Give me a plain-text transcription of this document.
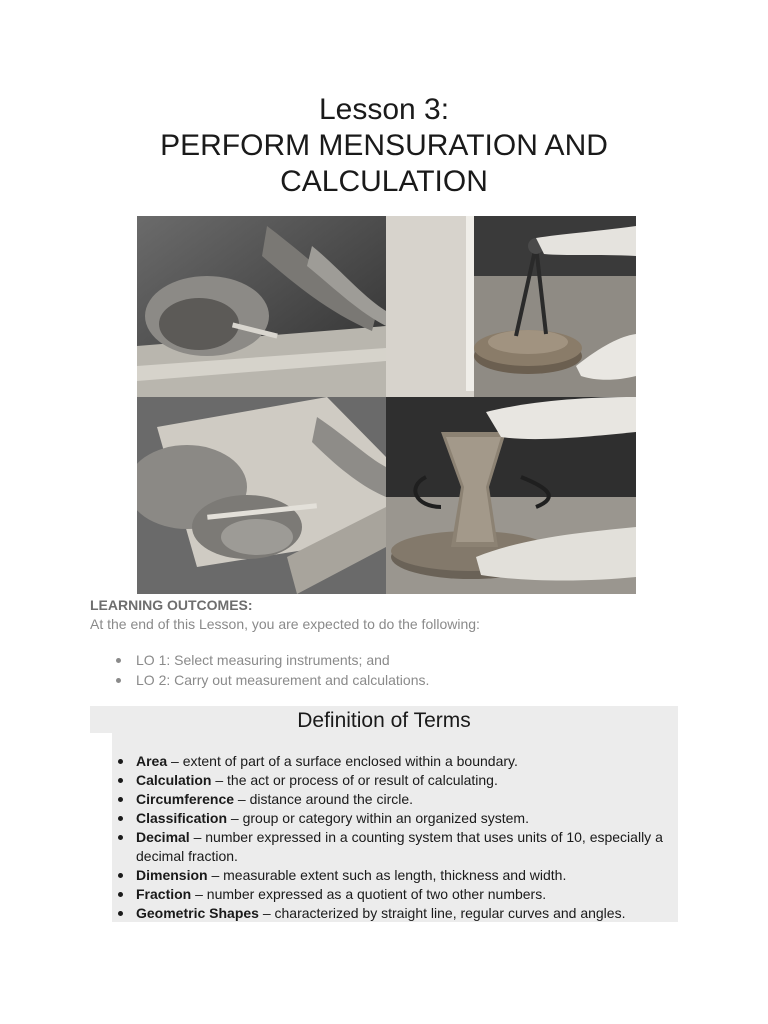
Lesson 3:
PERFORM MENSURATION AND
CALCULATION
LEARNING OUTCOMES:
At the end of this Lesson, you are expected to do the following:
LO 1: Select measuring instruments; and
LO 2: Carry out measurement and calculations.
Definition of Terms
Area – extent of part of a surface enclosed within a boundary.
Calculation – the act or process of or result of calculating.
Circumference – distance around the circle.
Classification – group or category within an organized system.
Decimal – number expressed in a counting system that uses units of 10, especially a decimal fraction.
Dimension – measurable extent such as length, thickness and width.
Fraction – number expressed as a quotient of two other numbers.
Geometric Shapes – characterized by straight line, regular curves and angles.
